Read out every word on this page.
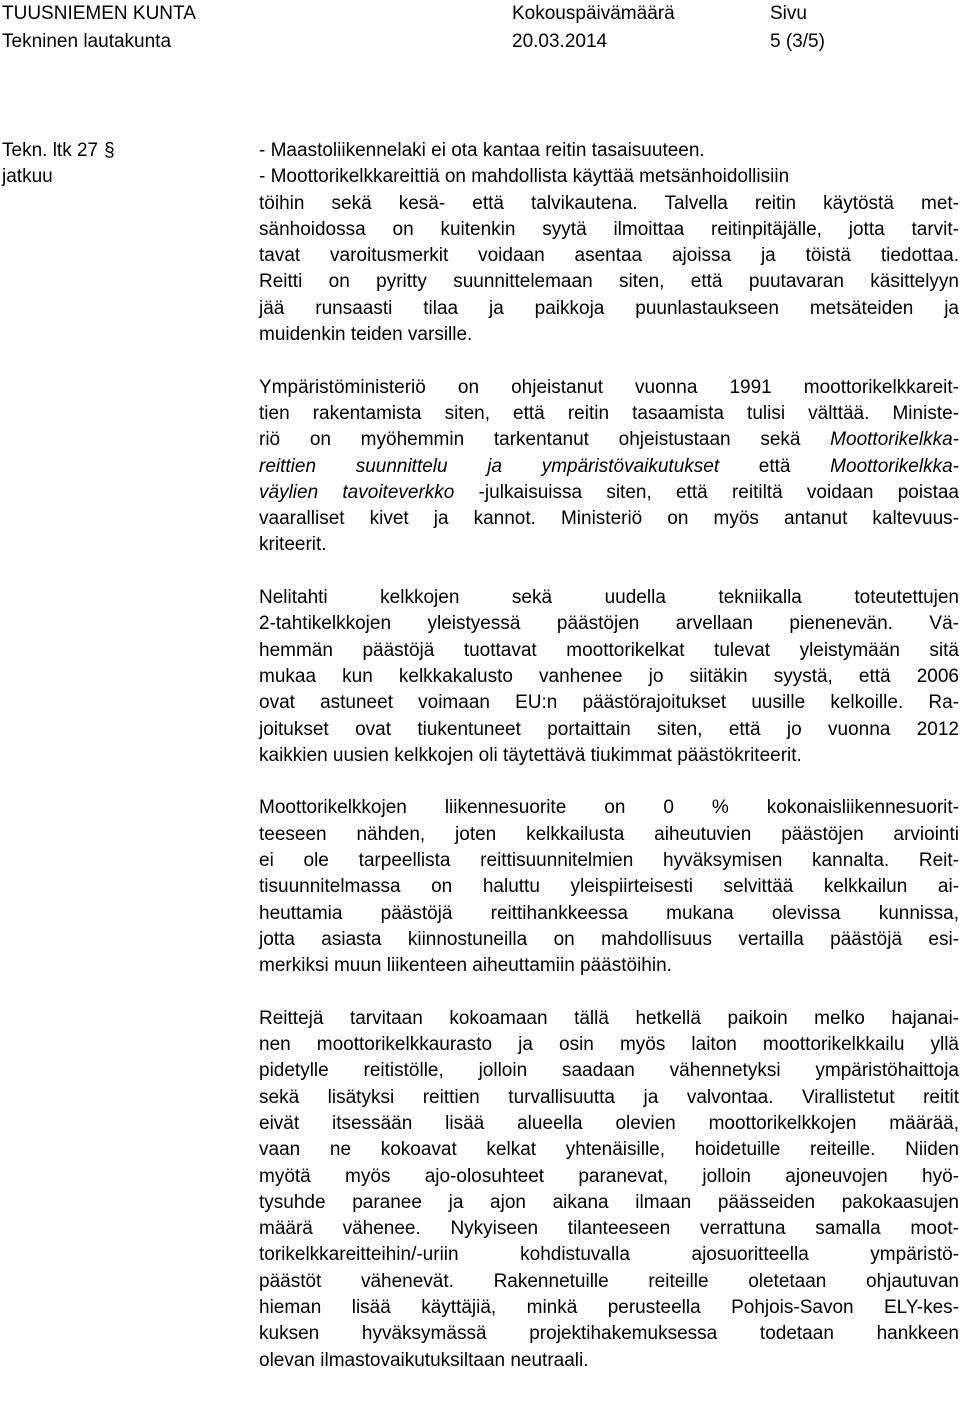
TUUSNIEMEN KUNTA
Tekninen lautakunta
Kokouspäivämäärä
20.03.2014
Sivu
5 (3/5)
Tekn. ltk 27 §
jatkuu
- Maastoliikennelaki ei ota kantaa reitin tasaisuuteen.
- Moottorikelkkareittiä on mahdollista käyttää metsänhoidollisiin
töihin sekä kesä- että talvikautena. Talvella reitin käytöstä met-
sänhoidossa on kuitenkin syytä ilmoittaa reitinpitäjälle, jotta tarvit-
tavat varoitusmerkit voidaan asentaa ajoissa ja töistä tiedottaa.
Reitti on pyritty suunnittelemaan siten, että puutavaran käsittelyyn
jää runsaasti tilaa ja paikkoja puunlastaukseen metsäteiden ja
muidenkin teiden varsille.
Ympäristöministeriö on ohjeistanut vuonna 1991 moottorikelkkareit-
tien rakentamista siten, että reitin tasaamista tulisi välttää. Ministe-
riö on myöhemmin tarkentanut ohjeistustaan sekä Moottorikelkka-
reittien suunnittelu ja ympäristövaikutukset että Moottorikelkka-
väylien tavoiteverkko -julkaisuissa siten, että reitiltä voidaan poistaa
vaaralliset kivet ja kannot. Ministeriö on myös antanut kaltevuus-
kriteerit.
Nelitahti kelkkojen sekä uudella tekniikalla toteutettujen
2-tahtikelkkojen yleistyessä päästöjen arvellaan pienenevän. Vä-
hemmän päästöjä tuottavat moottorikelkat tulevat yleistymään sitä
mukaa kun kelkkakalusto vanhenee jo siitäkin syystä, että 2006
ovat astuneet voimaan EU:n päästörajoitukset uusille kelkoille. Ra-
joitukset ovat tiukentuneet portaittain siten, että jo vuonna 2012
kaikkien uusien kelkkojen oli täytettävä tiukimmat päästökriteerit.
Moottorikelkkojen liikennesuorite on 0 % kokonaisliikennesuorit-
teeseen nähden, joten kelkkailusta aiheutuvien päästöjen arviointi
ei ole tarpeellista reittisuunnitelmien hyväksymisen kannalta. Reit-
tisuunnitelmassa on haluttu yleispiirteisesti selvittää kelkkailun ai-
heuttamia päästöjä reittihankkeessa mukana olevissa kunnissa,
jotta asiasta kiinnostuneilla on mahdollisuus vertailla päästöjä esi-
merkiksi muun liikenteen aiheuttamiin päästöihin.
Reittejä tarvitaan kokoamaan tällä hetkellä paikoin melko hajanai-
nen moottorikelkkaurasto ja osin myös laiton moottorikelkkailu yllä
pidetylle reitistölle, jolloin saadaan vähennetyksi ympäristöhaittoja
sekä lisätyksi reittien turvallisuutta ja valvontaa. Virallistetut reitit
eivät itsessään lisää alueella olevien moottorikelkkojen määrää,
vaan ne kokoavat kelkat yhtenäisille, hoidetuille reiteille. Niiden
myötä myös ajo-olosuhteet paranevat, jolloin ajoneuvojen hyö-
tysuhde paranee ja ajon aikana ilmaan päässeiden pakokaasujen
määrä vähenee. Nykyiseen tilanteeseen verrattuna samalla moot-
torikelkkareitteihin/-uriin kohdistuvalla ajosuoritteella ympäristö-
päästöt vähenevät. Rakennetuille reiteille oletetaan ohjautuvan
hieman lisää käyttäjiä, minkä perusteella Pohjois-Savon ELY-kes-
kuksen hyväksymässä projektihakemuksessa todetaan hankkeen
olevan ilmastovaikutuksiltaan neutraali.
